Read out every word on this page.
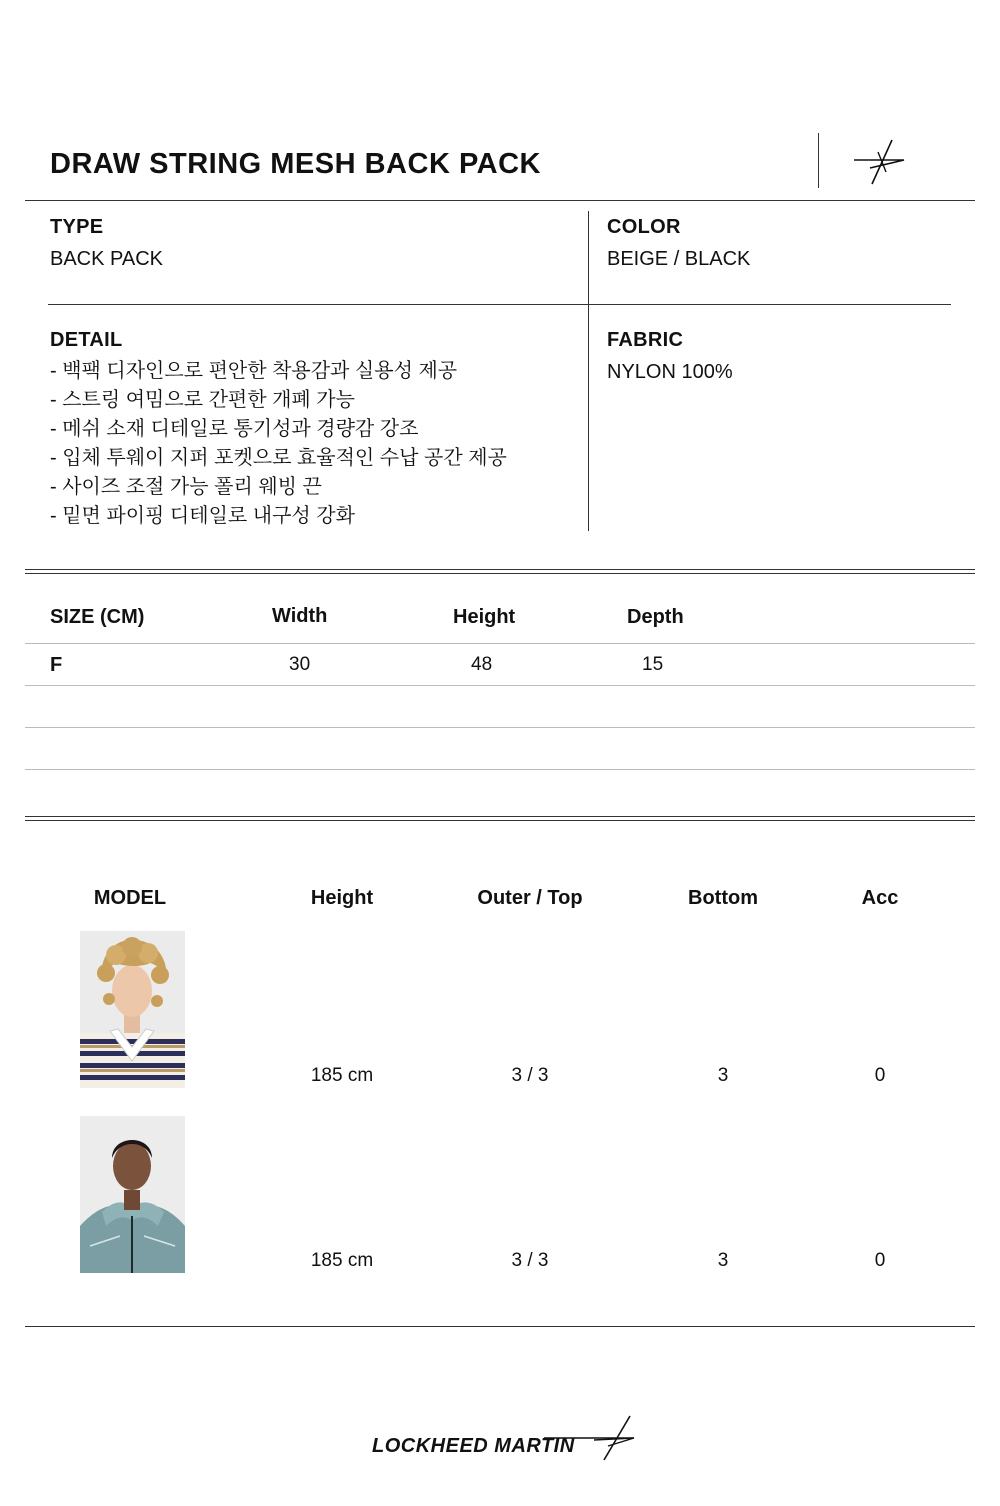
DRAW STRING MESH BACK PACK
TYPE
BACK PACK
COLOR
BEIGE / BLACK
DETAIL
- 백팩 디자인으로 편안한 착용감과 실용성 제공
- 스트링 여밈으로 간편한 개폐 가능
- 메쉬 소재 디테일로 통기성과 경량감 강조
- 입체 투웨이 지퍼 포켓으로 효율적인 수납 공간 제공
- 사이즈 조절 가능 폴리 웨빙 끈
- 밑면 파이핑 디테일로 내구성 강화
FABRIC
NYLON 100%
SIZE (CM)	Width	Height	Depth
F	30	48	15
MODEL	Height	Outer / Top	Bottom	Acc
185 cm	3 / 3	3	0
185 cm	3 / 3	3	0
LOCKHEED MARTIN
